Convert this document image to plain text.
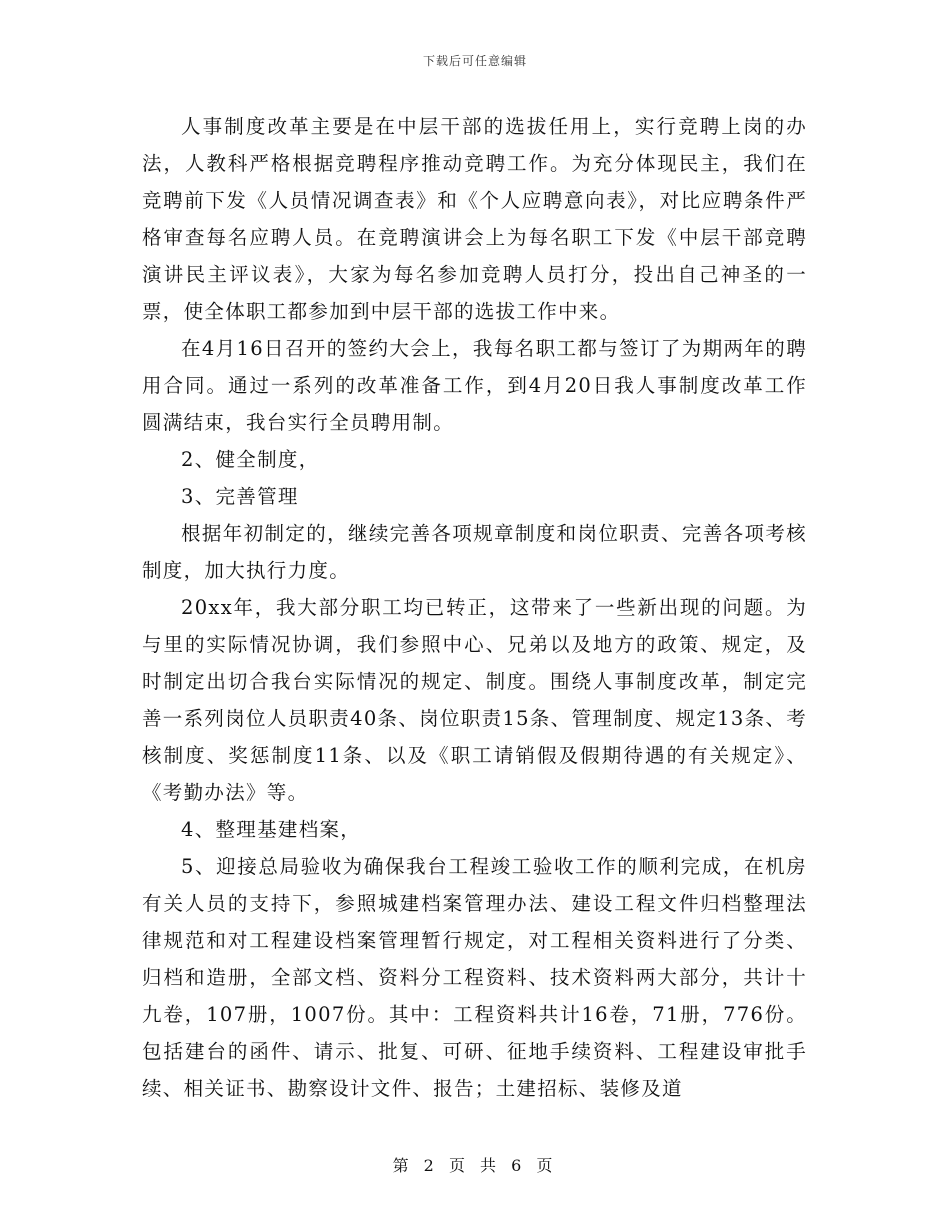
下载后可任意编辑

人事制度改革主要是在中层干部的选拔任用上，实行竞聘上岗的办法，人教科严格根据竞聘程序推动竞聘工作。为充分体现民主，我们在竞聘前下发《人员情况调查表》和《个人应聘意向表》，对比应聘条件严格审查每名应聘人员。在竞聘演讲会上为每名职工下发《中层干部竞聘演讲民主评议表》，大家为每名参加竞聘人员打分，投出自己神圣的一票，使全体职工都参加到中层干部的选拔工作中来。

在4月16日召开的签约大会上，我每名职工都与签订了为期两年的聘用合同。通过一系列的改革准备工作，到4月20日我人事制度改革工作圆满结束，我台实行全员聘用制。

2、健全制度，

3、完善管理

根据年初制定的，继续完善各项规章制度和岗位职责、完善各项考核制度，加大执行力度。

20xx年，我大部分职工均已转正，这带来了一些新出现的问题。为与里的实际情况协调，我们参照中心、兄弟以及地方的政策、规定，及时制定出切合我台实际情况的规定、制度。围绕人事制度改革，制定完善一系列岗位人员职责40条、岗位职责15条、管理制度、规定13条、考核制度、奖惩制度11条、以及《职工请销假及假期待遇的有关规定》、《考勤办法》等。

4、整理基建档案，

5、迎接总局验收为确保我台工程竣工验收工作的顺利完成，在机房有关人员的支持下，参照城建档案管理办法、建设工程文件归档整理法律规范和对工程建设档案管理暂行规定，对工程相关资料进行了分类、归档和造册，全部文档、资料分工程资料、技术资料两大部分，共计十九卷，107册，1007份。其中：工程资料共计16卷，71册，776份。包括建台的函件、请示、批复、可研、征地手续资料、工程建设审批手续、相关证书、勘察设计文件、报告；土建招标、装修及道

第 2 页 共 6 页
